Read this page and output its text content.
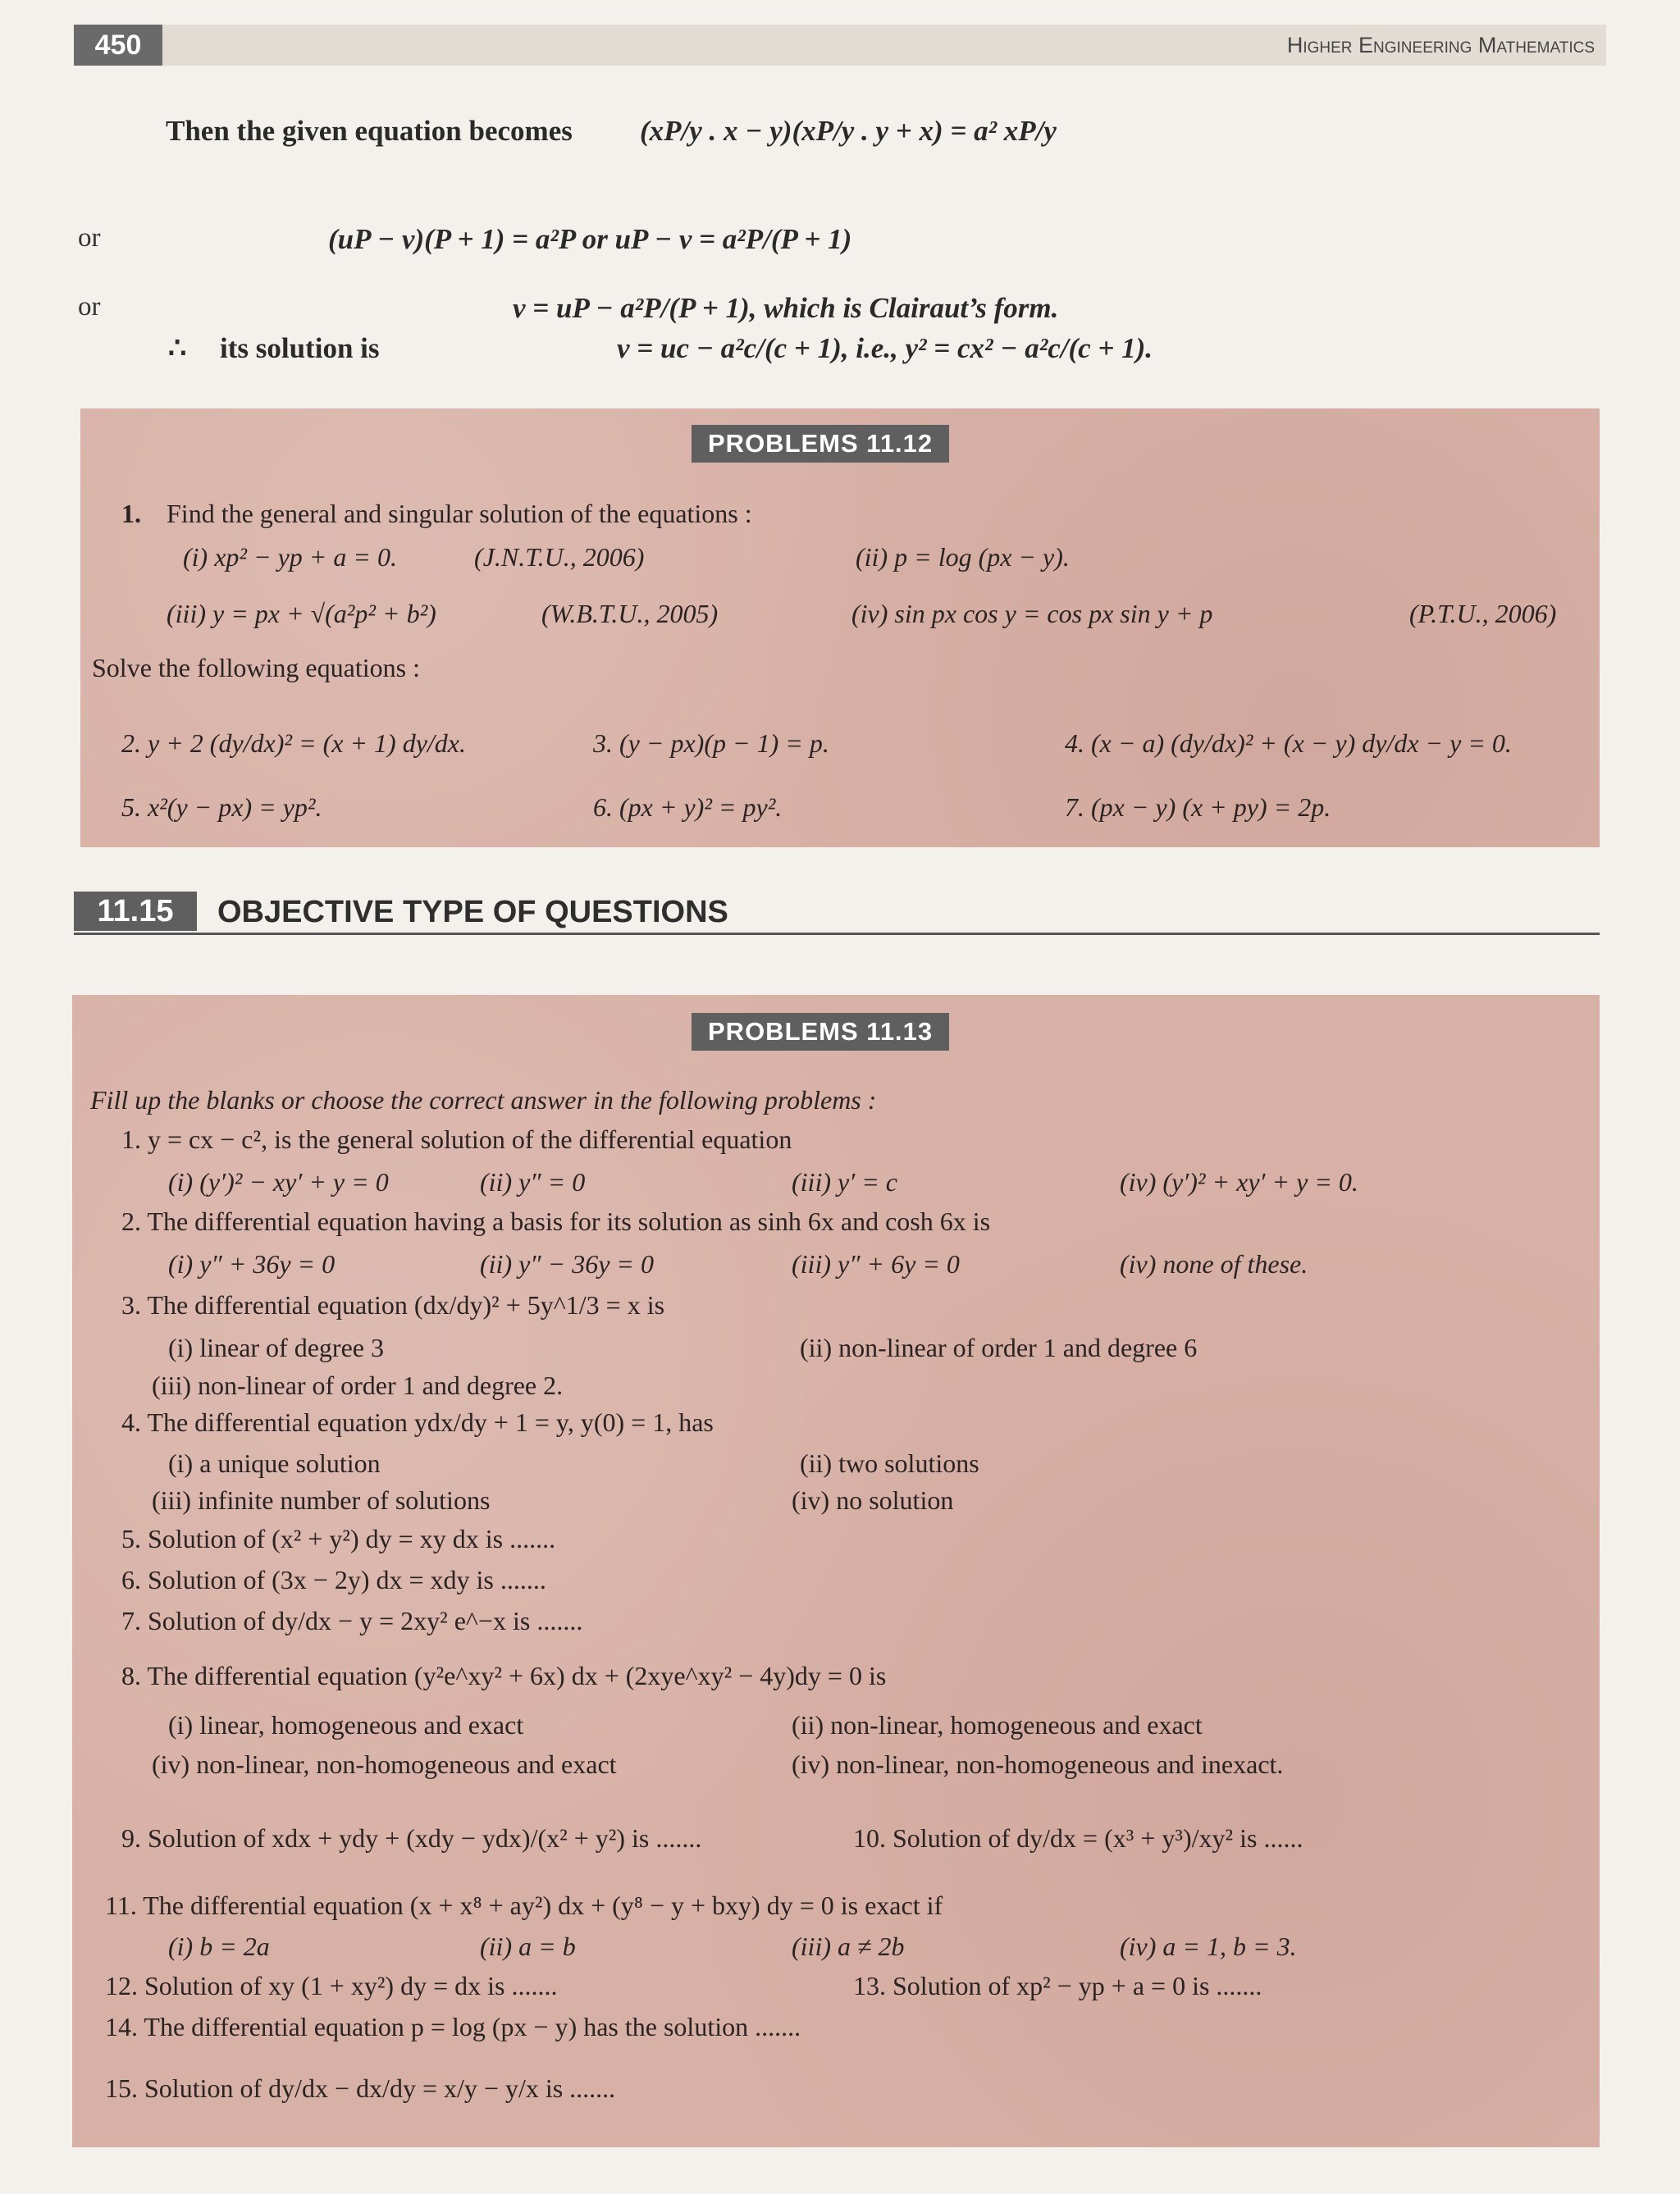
450	Higher Engineering Mathematics
Then the given equation becomes (xP/y . x − y)(xP/y . y + x) = a² xP/y
or	(uP − v)(P + 1) = a²P or uP − v = a²P/(P + 1)
or	v = uP − a²P/(P + 1), which is Clairaut’s form.
∴ its solution is	v = uc − a²c/(c + 1), i.e., y² = cx² − a²c/(c + 1).
PROBLEMS 11.12
1. Find the general and singular solution of the equations :
(i) xp² − yp + a = 0.	(J.N.T.U., 2006)	(ii) p = log (px − y).
(iii) y = px + √(a²p² + b²)	(W.B.T.U., 2005)	(iv) sin px cos y = cos px sin y + p	(P.T.U., 2006)
Solve the following equations :
2. y + 2 (dy/dx)² = (x + 1) dy/dx.	3. (y − px)(p − 1) = p.	4. (x − a) (dy/dx)² + (x − y) dy/dx − y = 0.
5. x²(y − px) = yp².	6. (px + y)² = py².	7. (px − y) (x + py) = 2p.
11.15	OBJECTIVE TYPE OF QUESTIONS
PROBLEMS 11.13
Fill up the blanks or choose the correct answer in the following problems :
1. y = cx − c², is the general solution of the differential equation
(i) (y′)² − xy′ + y = 0	(ii) y″ = 0	(iii) y′ = c	(iv) (y′)² + xy′ + y = 0.
2. The differential equation having a basis for its solution as sinh 6x and cosh 6x is
(i) y″ + 36y = 0	(ii) y″ − 36y = 0	(iii) y″ + 6y = 0	(iv) none of these.
3. The differential equation (dx/dy)² + 5y^1/3 = x is
(i) linear of degree 3	(ii) non-linear of order 1 and degree 6
(iii) non-linear of order 1 and degree 2.
4. The differential equation ydx/dy + 1 = y, y(0) = 1, has
(i) a unique solution	(ii) two solutions
(iii) infinite number of solutions	(iv) no solution
5. Solution of (x² + y²) dy = xy dx is .......
6. Solution of (3x − 2y) dx = xdy is .......
7. Solution of dy/dx − y = 2xy² e^−x is .......
8. The differential equation (y²e^xy² + 6x) dx + (2xye^xy² − 4y)dy = 0 is
(i) linear, homogeneous and exact	(ii) non-linear, homogeneous and exact
(iv) non-linear, non-homogeneous and exact	(iv) non-linear, non-homogeneous and inexact.
9. Solution of xdx + ydy + (xdy − ydx)/(x² + y²) is .......	10. Solution of dy/dx = (x³ + y³)/xy² is ......
11. The differential equation (x + x⁸ + ay²) dx + (y⁸ − y + bxy) dy = 0 is exact if
(i) b = 2a	(ii) a = b	(iii) a ≠ 2b	(iv) a = 1, b = 3.
12. Solution of xy (1 + xy²) dy = dx is .......	13. Solution of xp² − yp + a = 0 is .......
14. The differential equation p = log (px − y) has the solution .......
15. Solution of dy/dx − dx/dy = x/y − y/x is .......
